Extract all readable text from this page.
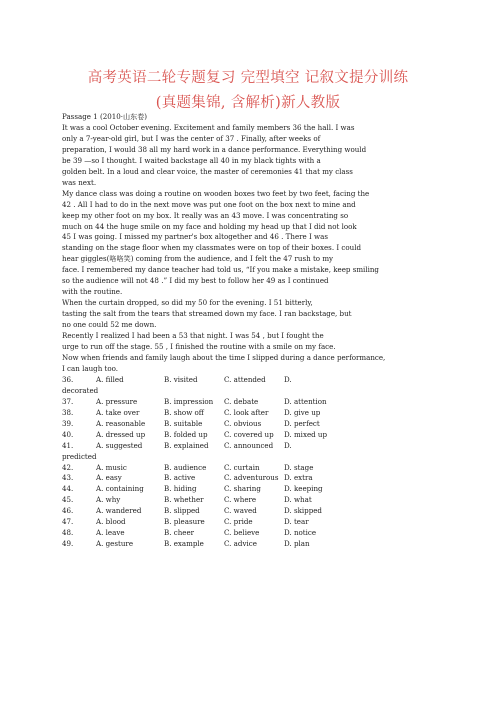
高考英语二轮专题复习 完型填空 记叙文提分训练
(真题集锦, 含解析)新人教版

Passage 1 (2010·山东卷)

It was a cool October evening. Excitement and family members 36 the hall. I was

only a 7-year-old girl, but I was the center of 37 . Finally, after weeks of

preparation, I would 38 all my hard work in a dance performance. Everything would

be 39 —so I thought. I waited backstage all 40 in my black tights with a

golden belt. In a loud and clear voice, the master of ceremonies 41 that my class

was next.

My dance class was doing a routine on wooden boxes two feet by two feet, facing the

42 . All I had to do in the next move was put one foot on the box next to mine and

keep my other foot on my box. It really was an 43 move. I was concentrating so

much on 44 the huge smile on my face and holding my head up that I did not look

45 I was going. I missed my partner's box altogether and 46 . There I was

standing on the stage floor when my classmates were on top of their boxes. I could

hear giggles(咯咯笑) coming from the audience, and I felt the 47 rush to my

face. I remembered my dance teacher had told us, “If you make a mistake, keep smiling

so the audience will not 48 .” I did my best to follow her 49 as I continued

with the routine.

When the curtain dropped, so did my 50 for the evening. I 51 bitterly,

tasting the salt from the tears that streamed down my face. I ran backstage, but

no one could 52 me down.

Recently I realized I had been a 53 that night. I was 54 , but I fought the

urge to run off the stage. 55 , I finished the routine with a smile on my face.

Now when friends and family laugh about the time I slipped during a dance performance,

I can laugh too.

36.	A. filled	B. visited	C. attended	D.
decorated
37.	A. pressure	B. impression	C. debate	D. attention
38.	A. take over	B. show off	C. look after	D. give up
39.	A. reasonable	B. suitable	C. obvious	D. perfect
40.	A. dressed up	B. folded up	C. covered up	D. mixed up
41.	A. suggested	B. explained	C. announced	D.
predicted
42.	A. music	B. audience	C. curtain	D. stage
43.	A. easy	B. active	C. adventurous D. extra
44.	A. containing	B. hiding	C. sharing	D. keeping
45.	A. why	B. whether	C. where	D. what
46.	A. wandered	B. slipped	C. waved	D. skipped
47.	A. blood	B. pleasure	C. pride	D. tear
48.	A. leave	B. cheer	C. believe	D. notice
49.	A. gesture	B. example	C. advice	D. plan
